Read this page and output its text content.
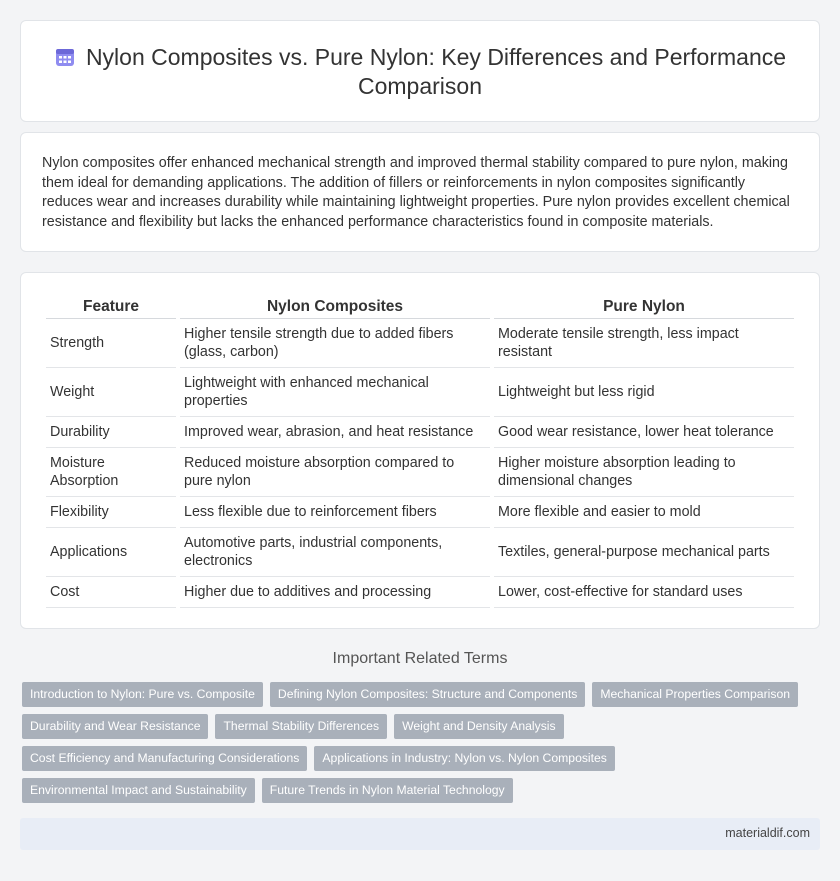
Nylon Composites vs. Pure Nylon: Key Differences and Performance Comparison
Nylon composites offer enhanced mechanical strength and improved thermal stability compared to pure nylon, making them ideal for demanding applications. The addition of fillers or reinforcements in nylon composites significantly reduces wear and increases durability while maintaining lightweight properties. Pure nylon provides excellent chemical resistance and flexibility but lacks the enhanced performance characteristics found in composite materials.
Feature	Nylon Composites	Pure Nylon
Strength	Higher tensile strength due to added fibers (glass, carbon)	Moderate tensile strength, less impact resistant
Weight	Lightweight with enhanced mechanical properties	Lightweight but less rigid
Durability	Improved wear, abrasion, and heat resistance	Good wear resistance, lower heat tolerance
Moisture Absorption	Reduced moisture absorption compared to pure nylon	Higher moisture absorption leading to dimensional changes
Flexibility	Less flexible due to reinforcement fibers	More flexible and easier to mold
Applications	Automotive parts, industrial components, electronics	Textiles, general-purpose mechanical parts
Cost	Higher due to additives and processing	Lower, cost-effective for standard uses
Important Related Terms
Introduction to Nylon: Pure vs. Composite	Defining Nylon Composites: Structure and Components	Mechanical Properties Comparison
Durability and Wear Resistance	Thermal Stability Differences	Weight and Density Analysis
Cost Efficiency and Manufacturing Considerations	Applications in Industry: Nylon vs. Nylon Composites
Environmental Impact and Sustainability	Future Trends in Nylon Material Technology
materialdif.com
